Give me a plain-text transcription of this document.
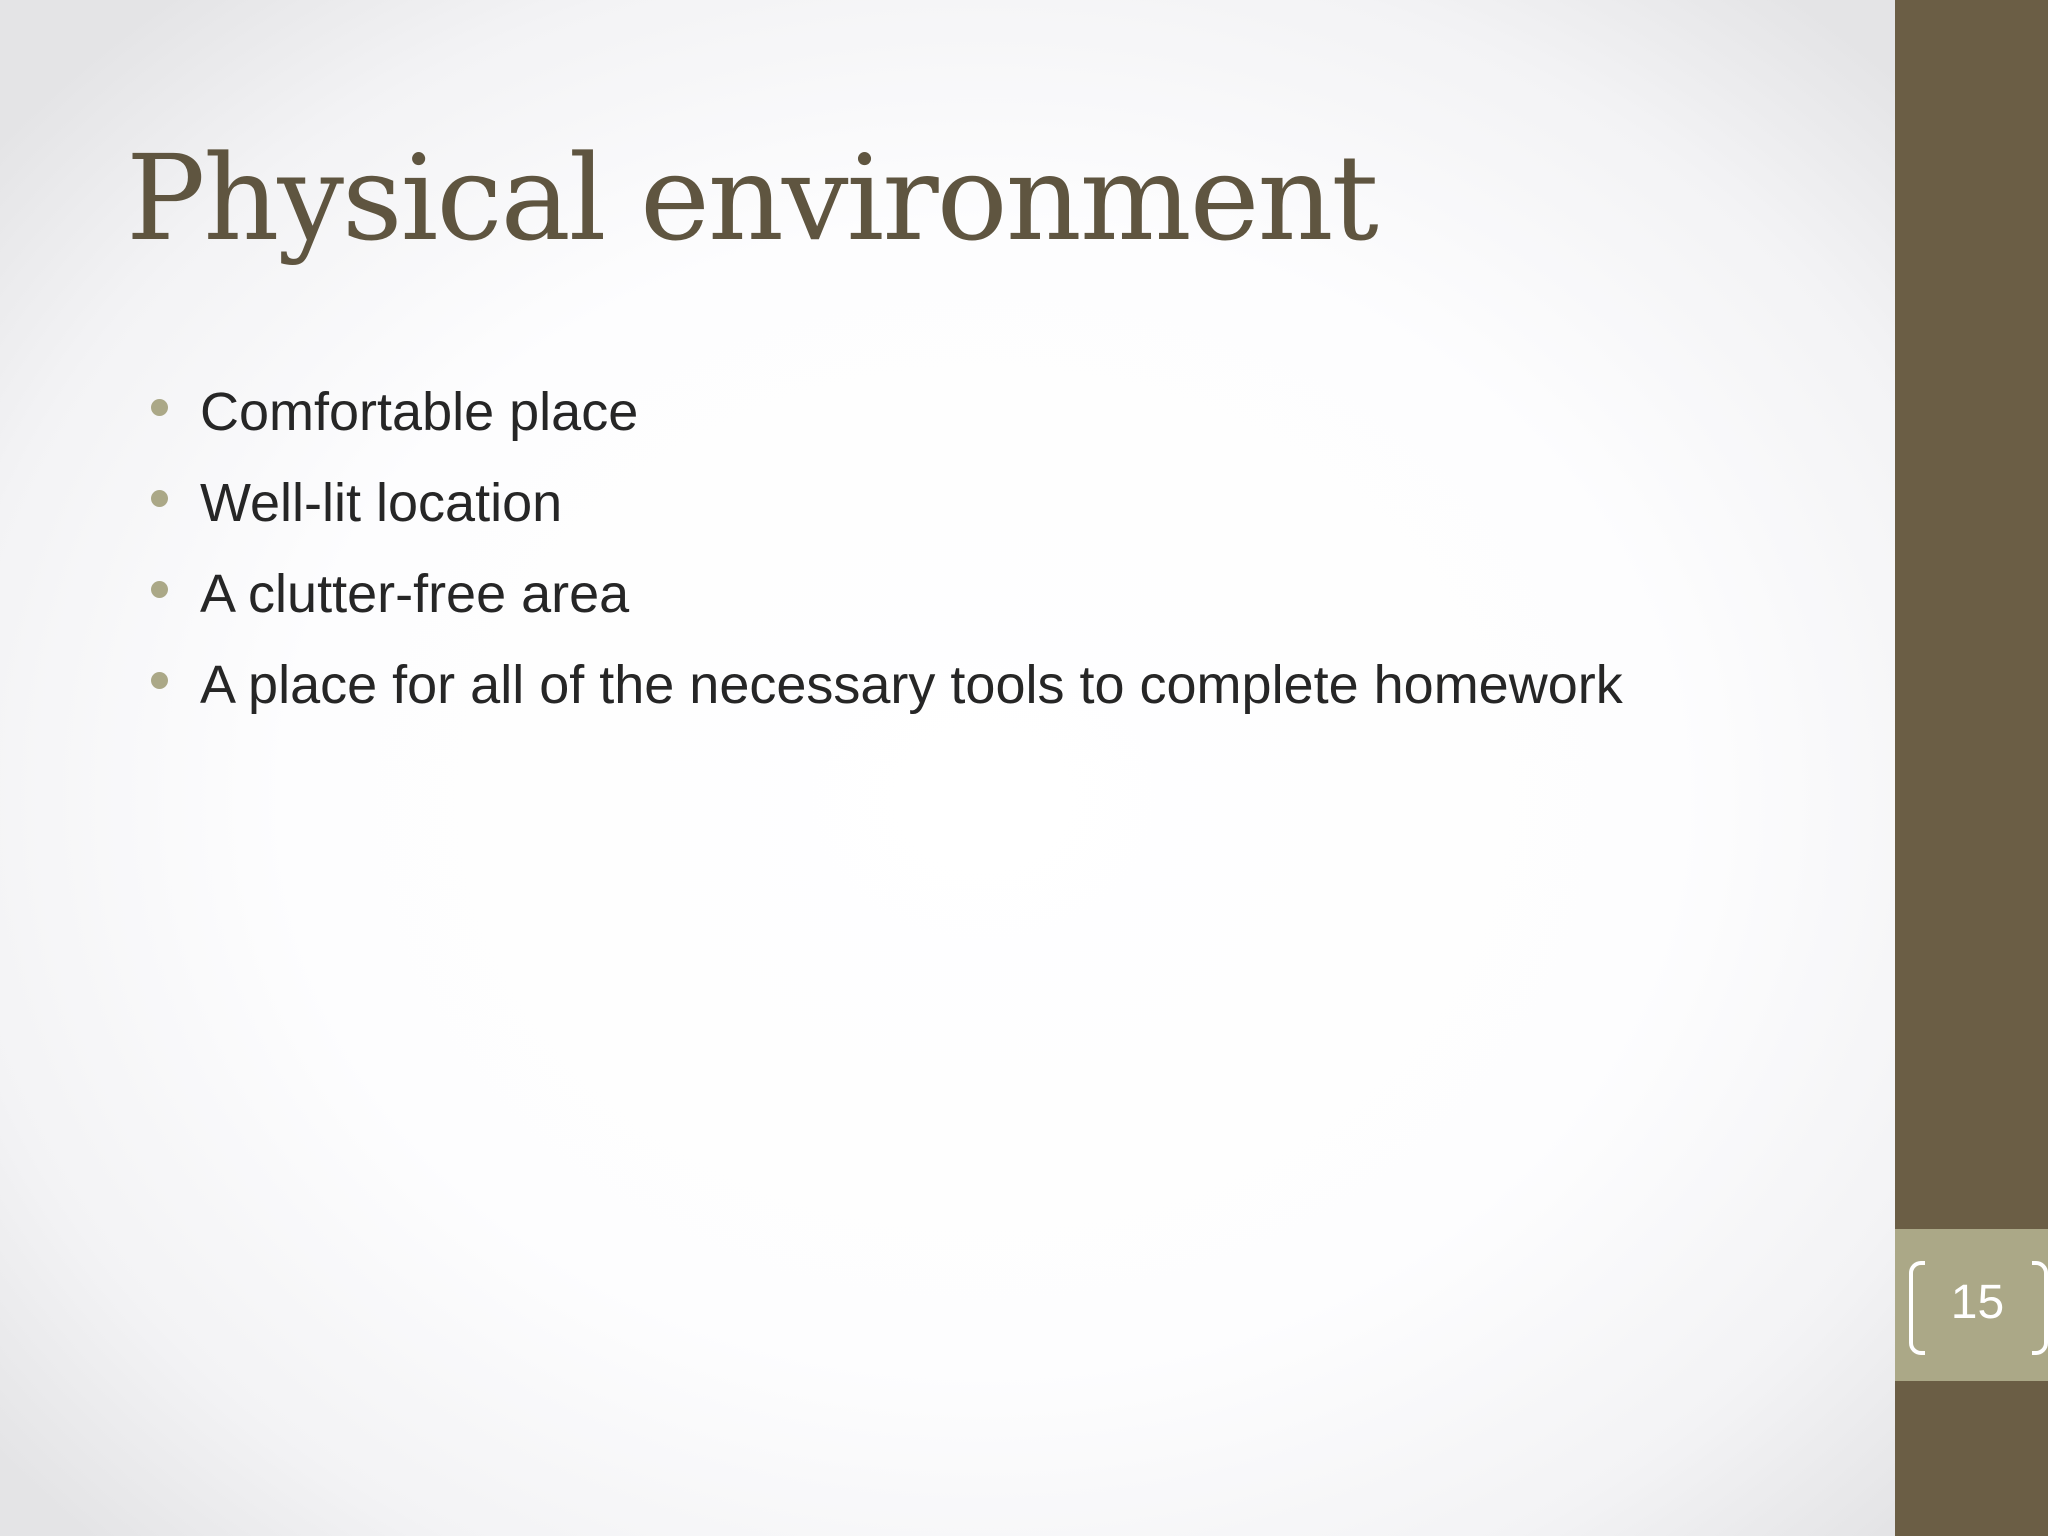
Physical environment
Comfortable place
Well-lit location
A clutter-free area
A place for all of the necessary tools to complete homework
15
